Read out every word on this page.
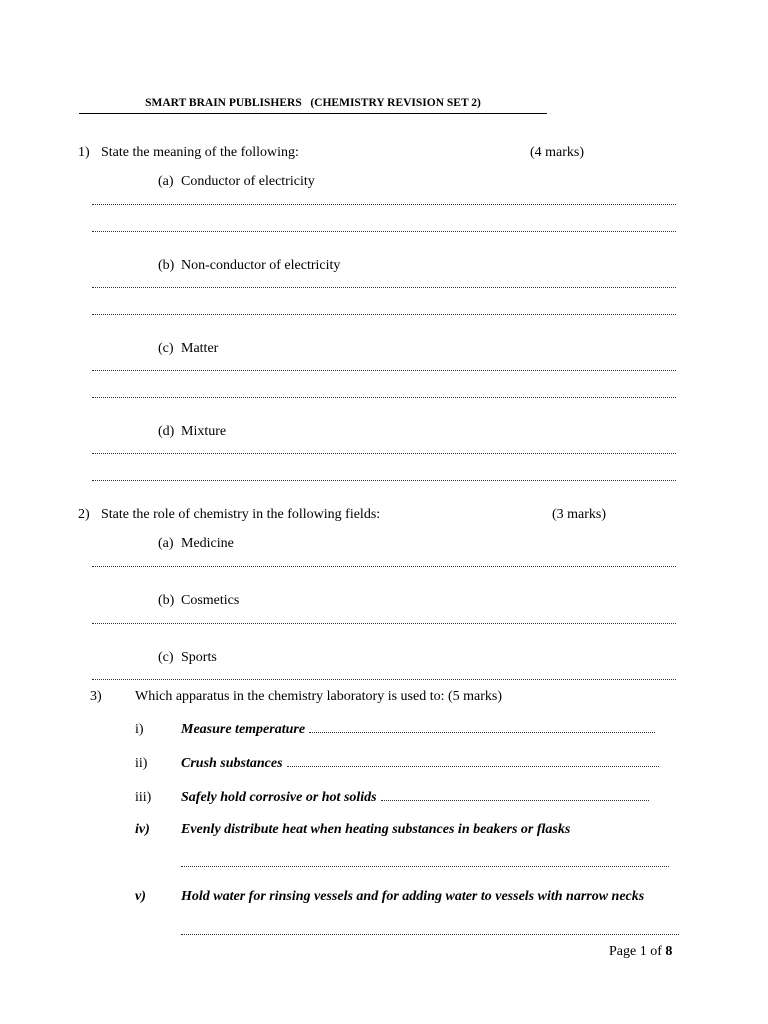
SMART BRAIN PUBLISHERS   (CHEMISTRY REVISION SET 2)
1) State the meaning of the following:	(4 marks)
(a) Conductor of electricity
(b) Non-conductor of electricity
(c) Matter
(d) Mixture
2) State the role of chemistry in the following fields:	(3 marks)
(a) Medicine
(b) Cosmetics
(c) Sports
3) Which apparatus in the chemistry laboratory is used to: (5 marks)
i)	Measure temperature
ii) Crush substances
iii) Safely hold corrosive or hot solids
iv) Evenly distribute heat when heating substances in beakers or flasks
v)	Hold water for rinsing vessels and for adding water to vessels with narrow necks
Page 1 of 8
